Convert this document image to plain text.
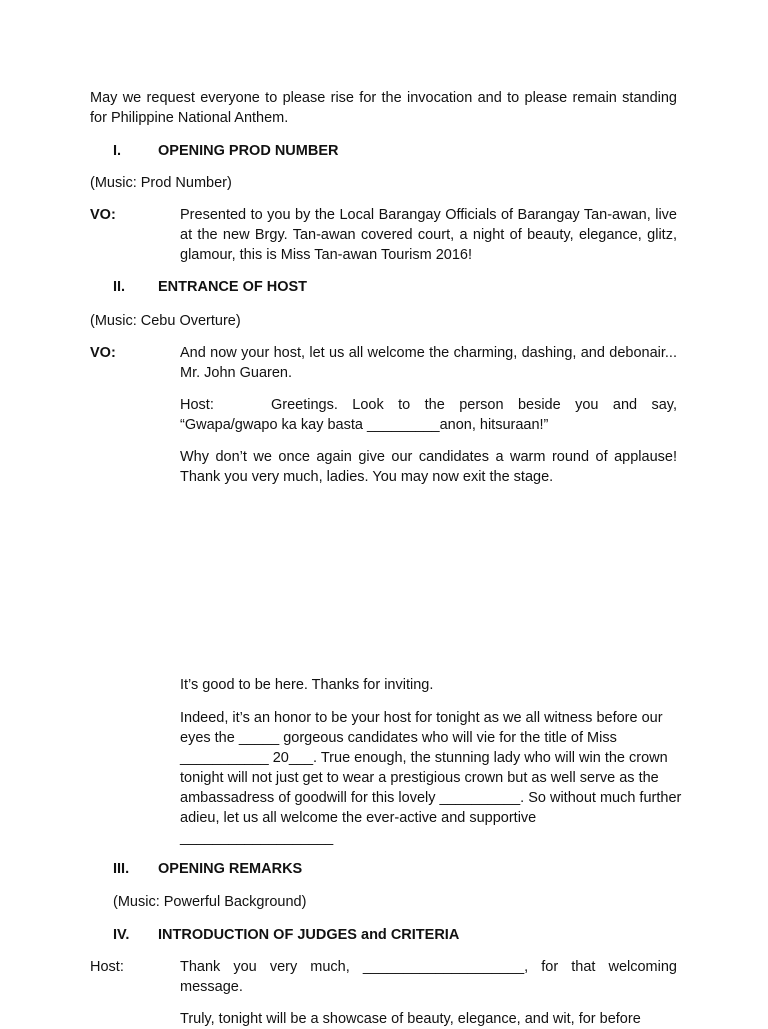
May we request everyone to please rise for the invocation and to please remain standing for Philippine National Anthem.

I.	OPENING PROD NUMBER

(Music: Prod Number)

VO:	Presented to you by the Local Barangay Officials of Barangay Tan-awan, live at the new Brgy. Tan-awan covered court, a night of beauty, elegance, glitz, glamour, this is Miss Tan-awan Tourism 2016!

II. ENTRANCE OF HOST

(Music: Cebu Overture)

VO:	And now your host, let us all welcome the charming, dashing, and debonair... Mr. John Guaren.

Host:	Greetings. Look to the person beside you and say, “Gwapa/gwapo ka kay basta _________anon, hitsuraan!”

Why don’t we once again give our candidates a warm round of applause! Thank you very much, ladies. You may now exit the stage.

It’s good to be here. Thanks for inviting.

Indeed, it’s an honor to be your host for tonight as we all witness before our eyes the _____ gorgeous candidates who will vie for the title of Miss ___________ 20___. True enough, the stunning lady who will win the crown tonight will not just get to wear a prestigious crown but as well serve as the ambassadress of goodwill for this lovely __________. So without much further adieu, let us all welcome the ever-active and supportive ___________________

III. OPENING REMARKS

(Music: Powerful Background)

IV. INTRODUCTION OF JUDGES and CRITERIA
Host:	Thank you very much, ____________________, for that welcoming message.

Truly, tonight will be a showcase of beauty, elegance, and wit, for before
